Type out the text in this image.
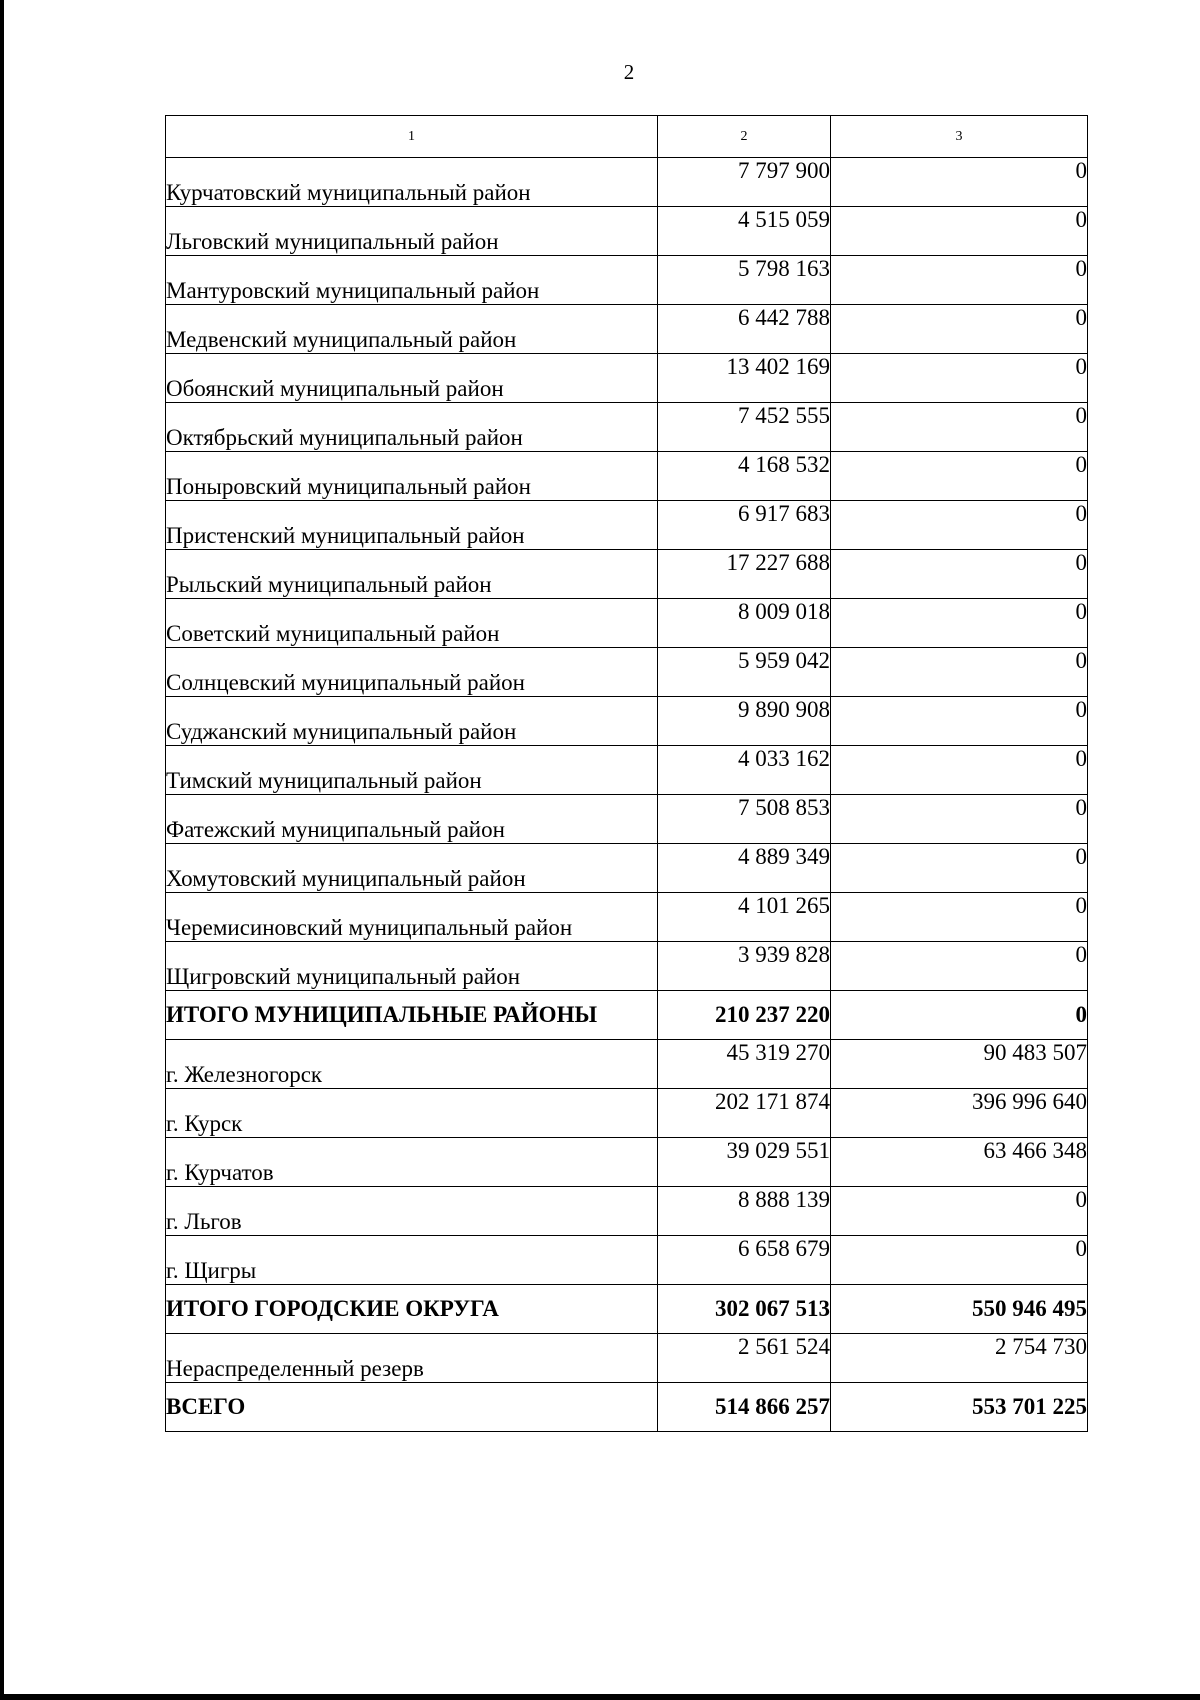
2
1	2	3
Курчатовский муниципальный район	7 797 900	0
Льговский муниципальный район	4 515 059	0
Мантуровский муниципальный район	5 798 163	0
Медвенский муниципальный район	6 442 788	0
Обоянский муниципальный район	13 402 169	0
Октябрьский муниципальный район	7 452 555	0
Поныровский муниципальный район	4 168 532	0
Пристенский муниципальный район	6 917 683	0
Рыльский муниципальный район	17 227 688	0
Советский муниципальный район	8 009 018	0
Солнцевский муниципальный район	5 959 042	0
Суджанский муниципальный район	9 890 908	0
Тимский муниципальный район	4 033 162	0
Фатежский муниципальный район	7 508 853	0
Хомутовский муниципальный район	4 889 349	0
Черемисиновский муниципальный район	4 101 265	0
Щигровский муниципальный район	3 939 828	0
ИТОГО МУНИЦИПАЛЬНЫЕ РАЙОНЫ	210 237 220	0
г. Железногорск	45 319 270	90 483 507
г. Курск	202 171 874	396 996 640
г. Курчатов	39 029 551	63 466 348
г. Льгов	8 888 139	0
г. Щигры	6 658 679	0
ИТОГО ГОРОДСКИЕ ОКРУГА	302 067 513	550 946 495
Нераспределенный резерв	2 561 524	2 754 730
ВСЕГО	514 866 257	553 701 225
